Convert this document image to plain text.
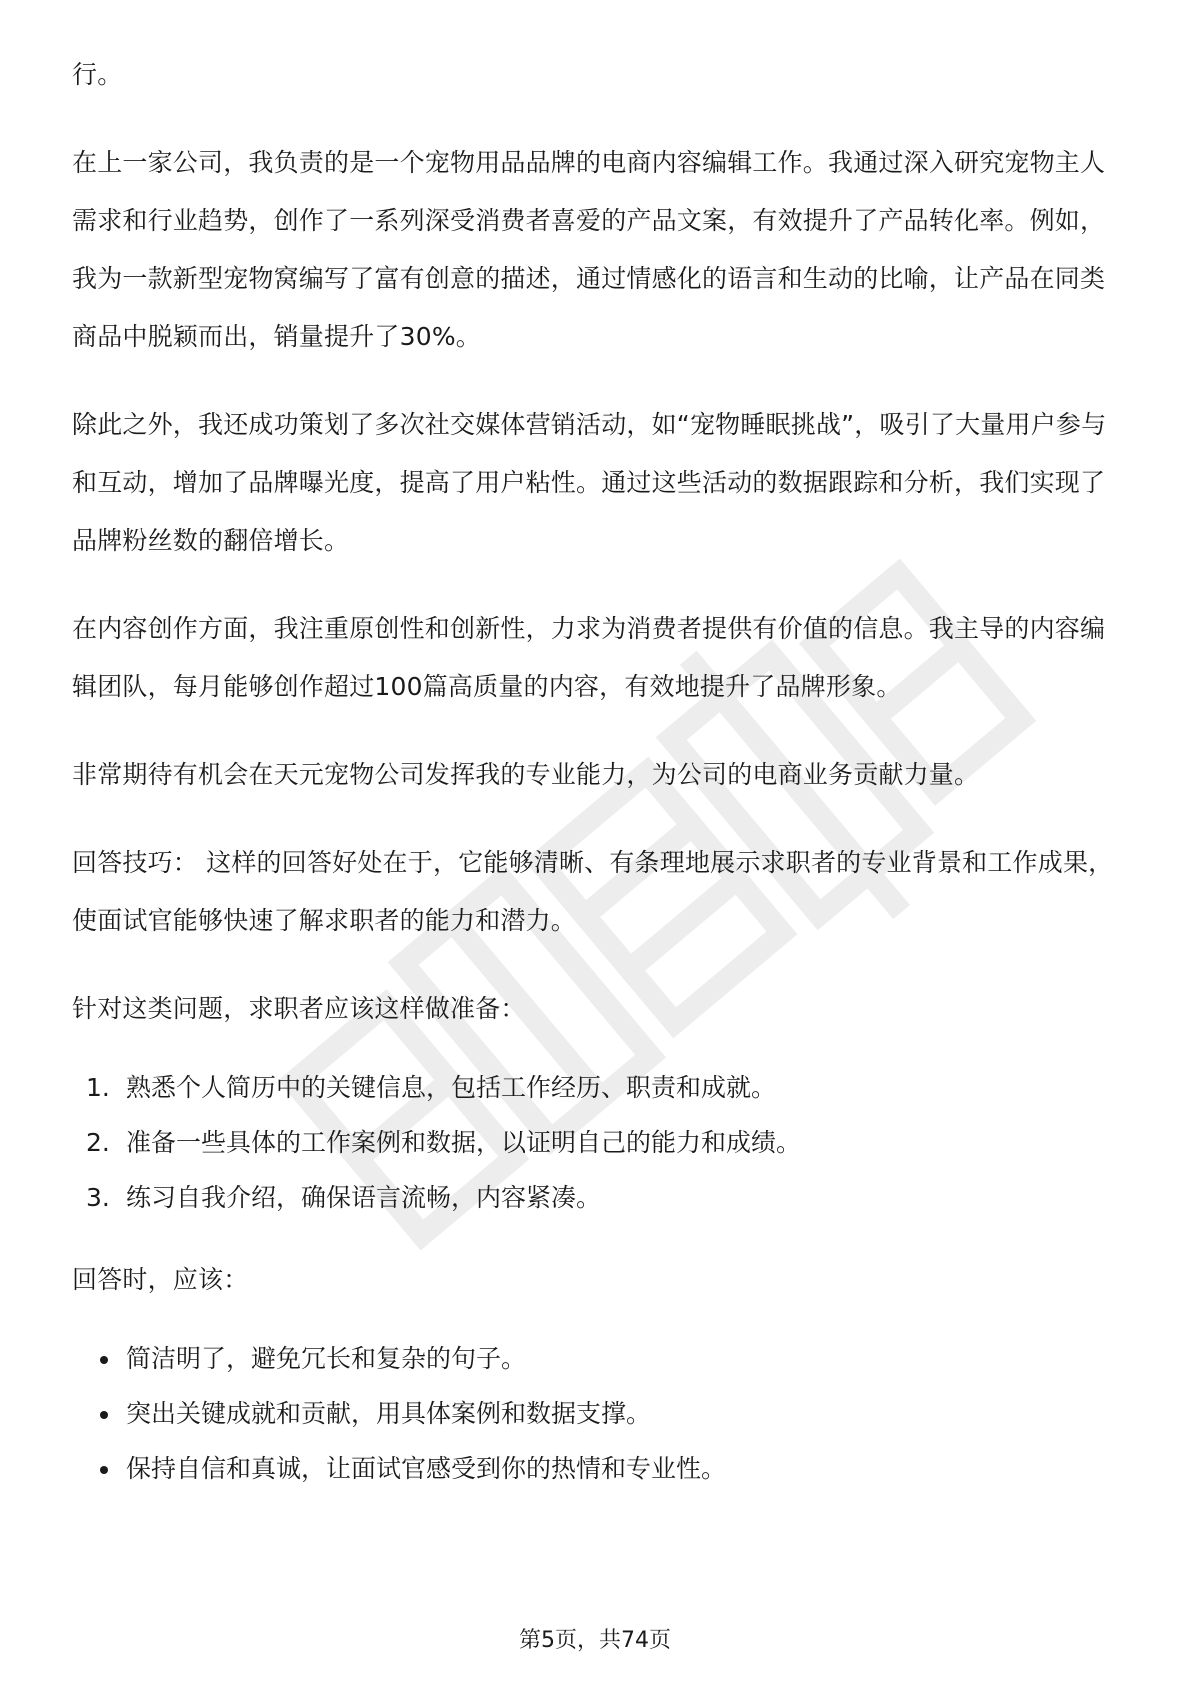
行。

在上一家公司，我负责的是一个宠物用品品牌的电商内容编辑工作。我通过深入研究宠物主人需求和行业趋势，创作了一系列深受消费者喜爱的产品文案，有效提升了产品转化率。例如，我为一款新型宠物窝编写了富有创意的描述，通过情感化的语言和生动的比喻，让产品在同类商品中脱颖而出，销量提升了30%。

除此之外，我还成功策划了多次社交媒体营销活动，如“宠物睡眠挑战”，吸引了大量用户参与和互动，增加了品牌曝光度，提高了用户粘性。通过这些活动的数据跟踪和分析，我们实现了品牌粉丝数的翻倍增长。

在内容创作方面，我注重原创性和创新性，力求为消费者提供有价值的信息。我主导的内容编辑团队，每月能够创作超过100篇高质量的内容，有效地提升了品牌形象。

非常期待有机会在天元宠物公司发挥我的专业能力，为公司的电商业务贡献力量。

回答技巧： 这样的回答好处在于，它能够清晰、有条理地展示求职者的专业背景和工作成果，使面试官能够快速了解求职者的能力和潜力。

针对这类问题，求职者应该这样做准备：

1. 熟悉个人简历中的关键信息，包括工作经历、职责和成就。
2. 准备一些具体的工作案例和数据，以证明自己的能力和成绩。
3. 练习自我介绍，确保语言流畅，内容紧凑。

回答时，应该：

简洁明了，避免冗长和复杂的句子。
突出关键成就和贡献，用具体案例和数据支撑。
保持自信和真诚，让面试官感受到你的热情和专业性。
第5页，共74页
